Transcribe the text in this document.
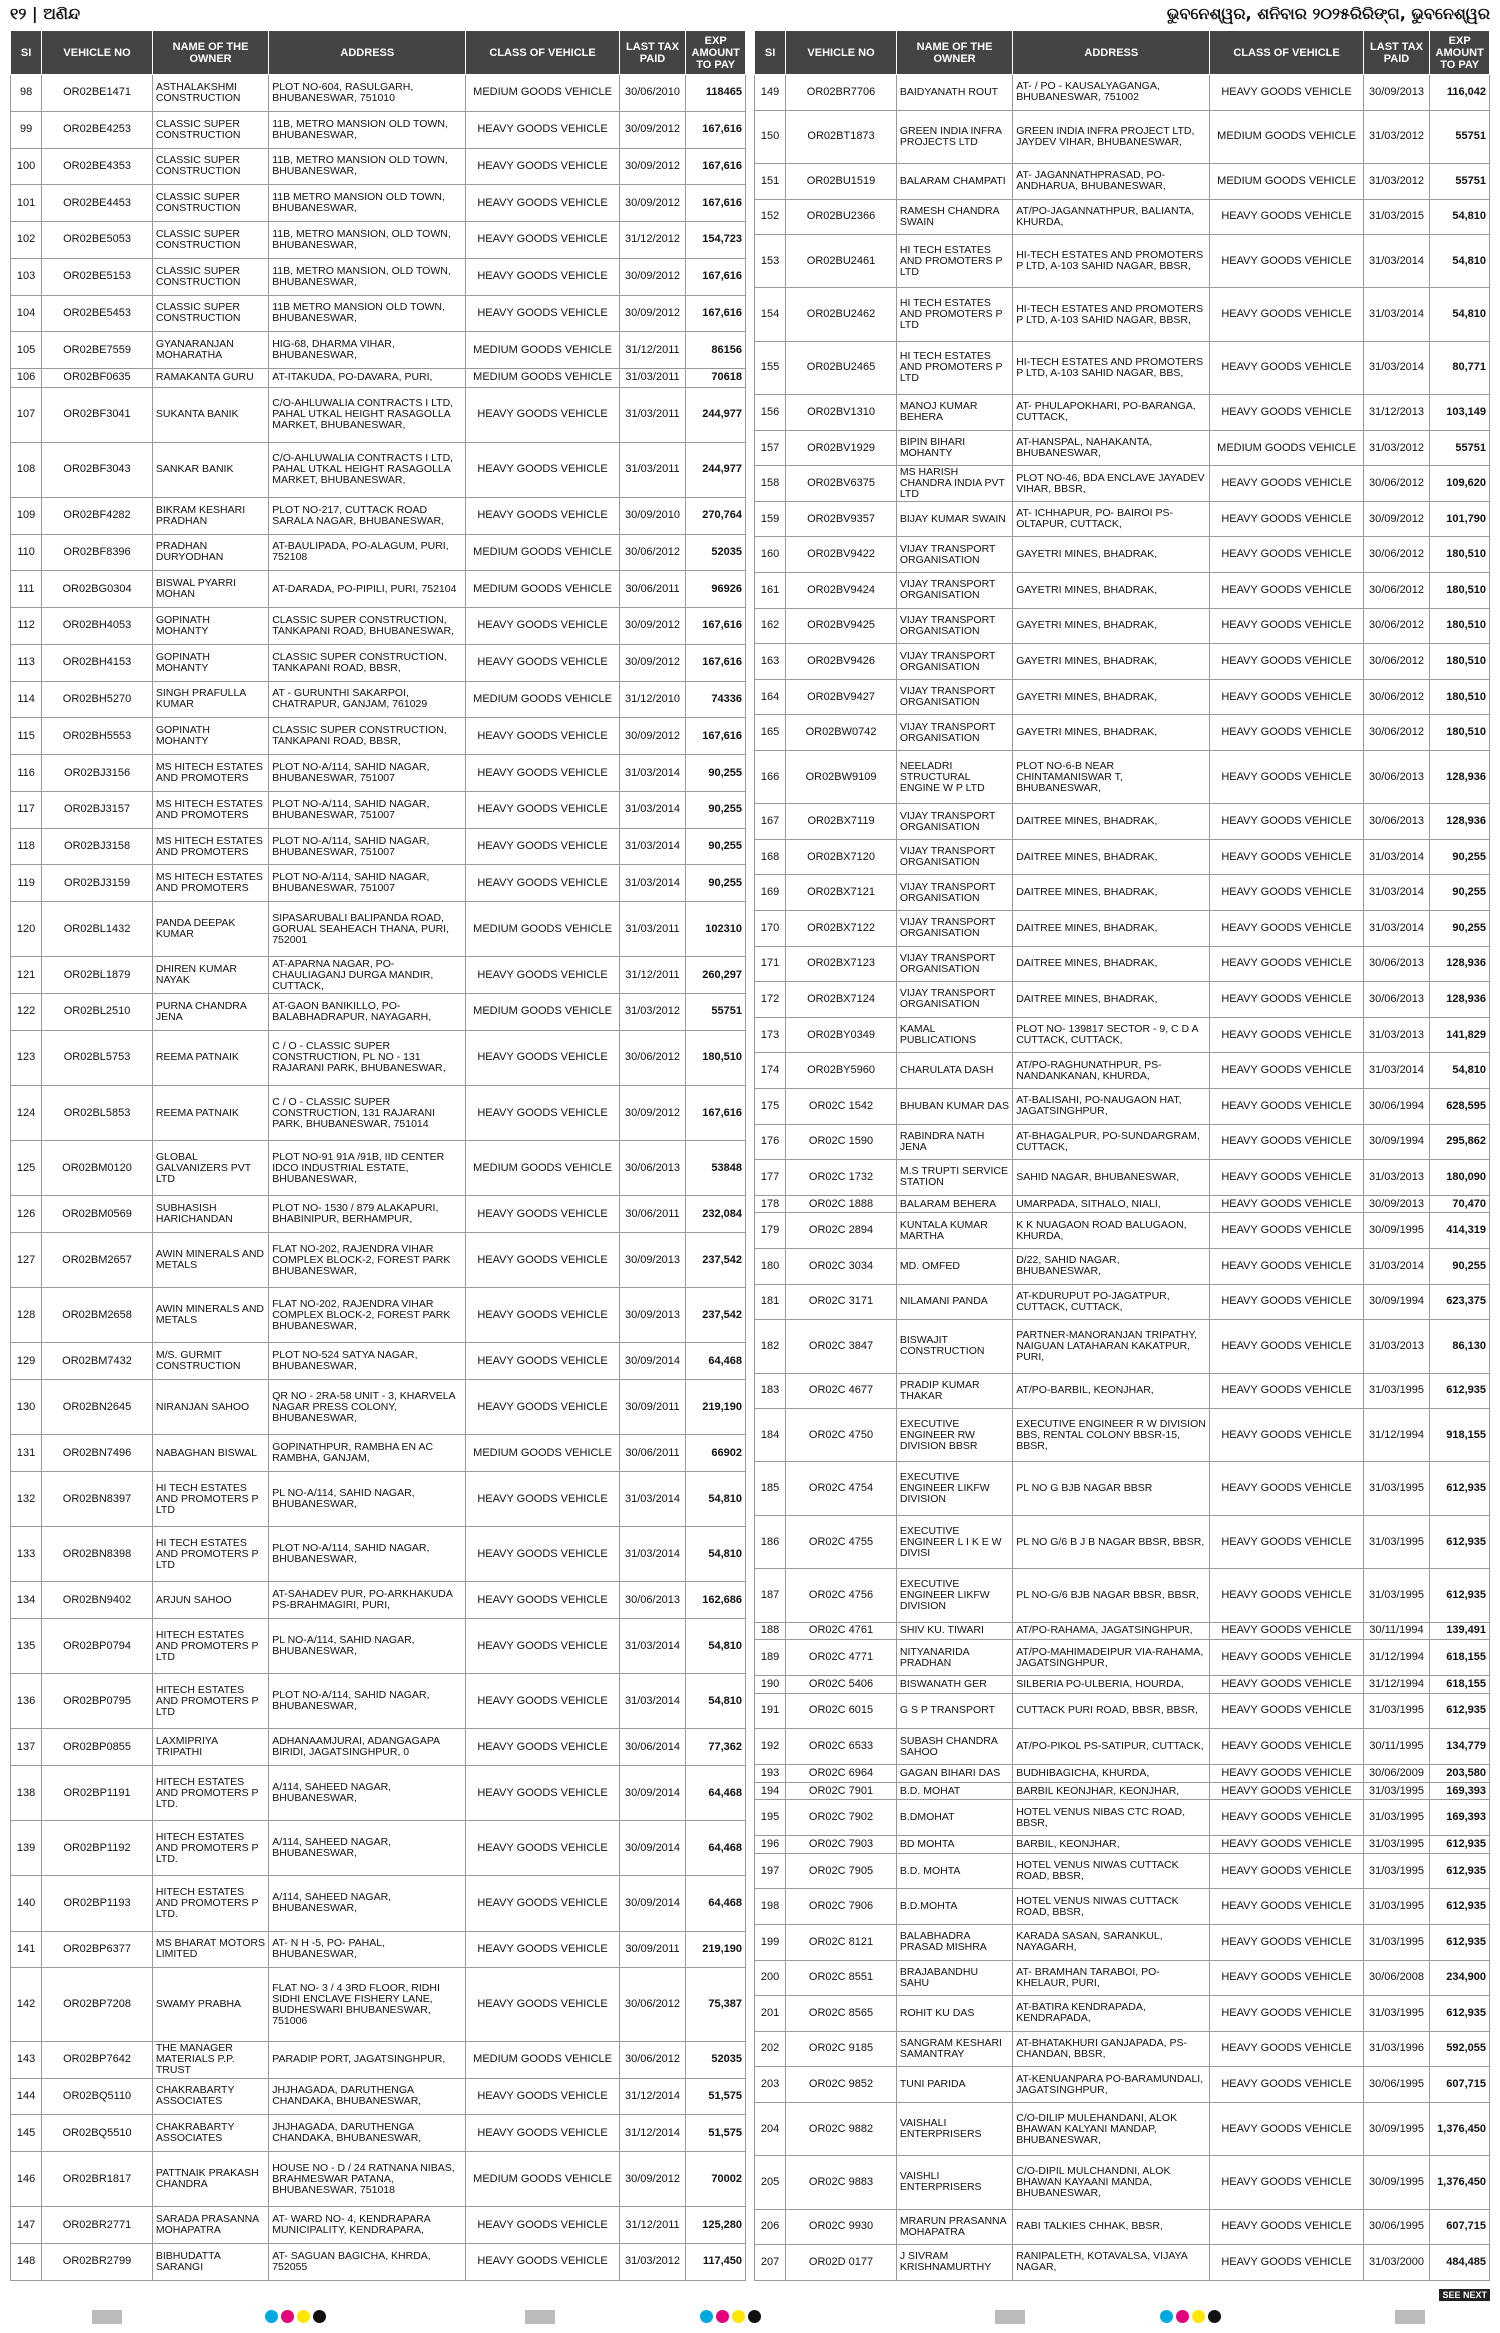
୧୨ | ଅଣିନ୍ଦ	ଭୁବନେଶ୍ୱର, ଶନିବାର ୨୦୨୫ରିରିଙ୍ଗ, ଭୁବନେଶ୍ୱର
SI	VEHICLE NO	NAME OF THE OWNER	ADDRESS	CLASS OF VEHICLE	LAST TAX PAID	EXP AMOUNT TO PAY
98	OR02BE1471	ASTHALAKSHMI CONSTRUCTION	PLOT NO-604, RASULGARH, BHUBANESWAR, 751010	MEDIUM GOODS VEHICLE	30/06/2010	118465
99	OR02BE4253	CLASSIC SUPER CONSTRUCTION	11B, METRO MANSION OLD TOWN, BHUBANESWAR,	HEAVY GOODS VEHICLE	30/09/2012	167,616
100	OR02BE4353	CLASSIC SUPER CONSTRUCTION	11B, METRO MANSION OLD TOWN, BHUBANESWAR,	HEAVY GOODS VEHICLE	30/09/2012	167,616
101	OR02BE4453	CLASSIC SUPER CONSTRUCTION	11B METRO MANSION OLD TOWN, BHUBANESWAR,	HEAVY GOODS VEHICLE	30/09/2012	167,616
102	OR02BE5053	CLASSIC SUPER CONSTRUCTION	11B, METRO MANSION, OLD TOWN, BHUBANESWAR,	HEAVY GOODS VEHICLE	31/12/2012	154,723
103	OR02BE5153	CLASSIC SUPER CONSTRUCTION	11B, METRO MANSION, OLD TOWN, BHUBANESWAR,	HEAVY GOODS VEHICLE	30/09/2012	167,616
104	OR02BE5453	CLASSIC SUPER CONSTRUCTION	11B METRO MANSION OLD TOWN, BHUBANESWAR,	HEAVY GOODS VEHICLE	30/09/2012	167,616
105	OR02BE7559	GYANARANJAN MOHARATHA	HIG-68, DHARMA VIHAR, BHUBANESWAR,	MEDIUM GOODS VEHICLE	31/12/2011	86156
106	OR02BF0635	RAMAKANTA GURU	AT-ITAKUDA, PO-DAVARA, PURI,	MEDIUM GOODS VEHICLE	31/03/2011	70618
107	OR02BF3041	SUKANTA BANIK	C/O-AHLUWALIA CONTRACTS I LTD, PAHAL UTKAL HEIGHT RASAGOLLA MARKET, BHUBANESWAR,	HEAVY GOODS VEHICLE	31/03/2011	244,977
108	OR02BF3043	SANKAR BANIK	C/O-AHLUWALIA CONTRACTS I LTD, PAHAL UTKAL HEIGHT RASAGOLLA MARKET, BHUBANESWAR,	HEAVY GOODS VEHICLE	31/03/2011	244,977
109	OR02BF4282	BIKRAM KESHARI PRADHAN	PLOT NO-217, CUTTACK ROAD SARALA NAGAR, BHUBANESWAR,	HEAVY GOODS VEHICLE	30/09/2010	270,764
110	OR02BF8396	PRADHAN DURYODHAN	AT-BAULIPADA, PO-ALAGUM, PURI, 752108	MEDIUM GOODS VEHICLE	30/06/2012	52035
111	OR02BG0304	BISWAL PYARRI MOHAN	AT-DARADA, PO-PIPILI, PURI, 752104	MEDIUM GOODS VEHICLE	30/06/2011	96926
112	OR02BH4053	GOPINATH MOHANTY	CLASSIC SUPER CONSTRUCTION, TANKAPANI ROAD, BHUBANESWAR,	HEAVY GOODS VEHICLE	30/09/2012	167,616
113	OR02BH4153	GOPINATH MOHANTY	CLASSIC SUPER CONSTRUCTION, TANKAPANI ROAD, BBSR,	HEAVY GOODS VEHICLE	30/09/2012	167,616
114	OR02BH5270	SINGH PRAFULLA KUMAR	AT - GURUNTHI SAKARPOI, CHATRAPUR, GANJAM, 761029	MEDIUM GOODS VEHICLE	31/12/2010	74336
115	OR02BH5553	GOPINATH MOHANTY	CLASSIC SUPER CONSTRUCTION, TANKAPANI ROAD, BBSR,	HEAVY GOODS VEHICLE	30/09/2012	167,616
116	OR02BJ3156	MS HITECH ESTATES AND PROMOTERS	PLOT NO-A/114, SAHID NAGAR, BHUBANESWAR, 751007	HEAVY GOODS VEHICLE	31/03/2014	90,255
117	OR02BJ3157	MS HITECH ESTATES AND PROMOTERS	PLOT NO-A/114, SAHID NAGAR, BHUBANESWAR, 751007	HEAVY GOODS VEHICLE	31/03/2014	90,255
118	OR02BJ3158	MS HITECH ESTATES AND PROMOTERS	PLOT NO-A/114, SAHID NAGAR, BHUBANESWAR, 751007	HEAVY GOODS VEHICLE	31/03/2014	90,255
119	OR02BJ3159	MS HITECH ESTATES AND PROMOTERS	PLOT NO-A/114, SAHID NAGAR, BHUBANESWAR, 751007	HEAVY GOODS VEHICLE	31/03/2014	90,255
120	OR02BL1432	PANDA DEEPAK KUMAR	SIPASARUBALI BALIPANDA ROAD, GORUAL SEAHEACH THANA, PURI, 752001	MEDIUM GOODS VEHICLE	31/03/2011	102310
121	OR02BL1879	DHIREN KUMAR NAYAK	AT-APARNA NAGAR, PO-CHAULIAGANJ DURGA MANDIR, CUTTACK,	HEAVY GOODS VEHICLE	31/12/2011	260,297
122	OR02BL2510	PURNA CHANDRA JENA	AT-GAON BANIKILLO, PO-BALABHADRAPUR, NAYAGARH,	MEDIUM GOODS VEHICLE	31/03/2012	55751
123	OR02BL5753	REEMA PATNAIK	C / O - CLASSIC SUPER CONSTRUCTION, PL NO - 131 RAJARANI PARK, BHUBANESWAR,	HEAVY GOODS VEHICLE	30/06/2012	180,510
124	OR02BL5853	REEMA PATNAIK	C / O - CLASSIC SUPER CONSTRUCTION, 131 RAJARANI PARK, BHUBANESWAR, 751014	HEAVY GOODS VEHICLE	30/09/2012	167,616
125	OR02BM0120	GLOBAL GALVANIZERS PVT LTD	PLOT NO-91 91A /91B, IID CENTER IDCO INDUSTRIAL ESTATE, BHUBANESWAR,	MEDIUM GOODS VEHICLE	30/06/2013	53848
126	OR02BM0569	SUBHASISH HARICHANDAN	PLOT NO- 1530 / 879 ALAKAPURI, BHABINIPUR, BERHAMPUR,	HEAVY GOODS VEHICLE	30/06/2011	232,084
127	OR02BM2657	AWIN MINERALS AND METALS	FLAT NO-202, RAJENDRA VIHAR COMPLEX BLOCK-2, FOREST PARK BHUBANESWAR,	HEAVY GOODS VEHICLE	30/09/2013	237,542
128	OR02BM2658	AWIN MINERALS AND METALS	FLAT NO-202, RAJENDRA VIHAR COMPLEX BLOCK-2, FOREST PARK BHUBANESWAR,	HEAVY GOODS VEHICLE	30/09/2013	237,542
129	OR02BM7432	M/S. GURMIT CONSTRUCTION	PLOT NO-524 SATYA NAGAR, BHUBANESWAR,	HEAVY GOODS VEHICLE	30/09/2014	64,468
130	OR02BN2645	NIRANJAN SAHOO	QR NO - 2RA-58 UNIT - 3, KHARVELA NAGAR PRESS COLONY, BHUBANESWAR,	HEAVY GOODS VEHICLE	30/09/2011	219,190
131	OR02BN7496	NABAGHAN BISWAL	GOPINATHPUR, RAMBHA EN AC RAMBHA, GANJAM,	MEDIUM GOODS VEHICLE	30/06/2011	66902
132	OR02BN8397	HI TECH ESTATES AND PROMOTERS P LTD	PL NO-A/114, SAHID NAGAR, BHUBANESWAR,	HEAVY GOODS VEHICLE	31/03/2014	54,810
133	OR02BN8398	HI TECH ESTATES AND PROMOTERS P LTD	PLOT NO-A/114, SAHID NAGAR, BHUBANESWAR,	HEAVY GOODS VEHICLE	31/03/2014	54,810
134	OR02BN9402	ARJUN SAHOO	AT-SAHADEV PUR, PO-ARKHAKUDA PS-BRAHMAGIRI, PURI,	HEAVY GOODS VEHICLE	30/06/2013	162,686
135	OR02BP0794	HITECH ESTATES AND PROMOTERS P LTD	PL NO-A/114, SAHID NAGAR, BHUBANESWAR,	HEAVY GOODS VEHICLE	31/03/2014	54,810
136	OR02BP0795	HITECH ESTATES AND PROMOTERS P LTD	PLOT NO-A/114, SAHID NAGAR, BHUBANESWAR,	HEAVY GOODS VEHICLE	31/03/2014	54,810
137	OR02BP0855	LAXMIPRIYA TRIPATHI	ADHANAAMJURAI, ADANGAGAPA BIRIDI, JAGATSINGHPUR, 0	HEAVY GOODS VEHICLE	30/06/2014	77,362
138	OR02BP1191	HITECH ESTATES AND PROMOTERS P LTD.	A/114, SAHEED NAGAR, BHUBANESWAR,	HEAVY GOODS VEHICLE	30/09/2014	64,468
139	OR02BP1192	HITECH ESTATES AND PROMOTERS P LTD.	A/114, SAHEED NAGAR, BHUBANESWAR,	HEAVY GOODS VEHICLE	30/09/2014	64,468
140	OR02BP1193	HITECH ESTATES AND PROMOTERS P LTD.	A/114, SAHEED NAGAR, BHUBANESWAR,	HEAVY GOODS VEHICLE	30/09/2014	64,468
141	OR02BP6377	MS BHARAT MOTORS LIMITED	AT- N H -5, PO- PAHAL, BHUBANESWAR,	HEAVY GOODS VEHICLE	30/09/2011	219,190
142	OR02BP7208	SWAMY PRABHA	FLAT NO- 3 / 4 3RD FLOOR, RIDHI SIDHI ENCLAVE FISHERY LANE, BUDHESWARI BHUBANESWAR, 751006	HEAVY GOODS VEHICLE	30/06/2012	75,387
143	OR02BP7642	THE MANAGER MATERIALS P.P. TRUST	PARADIP PORT, JAGATSINGHPUR,	MEDIUM GOODS VEHICLE	30/06/2012	52035
144	OR02BQ5110	CHAKRABARTY ASSOCIATES	JHJHAGADA, DARUTHENGA CHANDAKA, BHUBANESWAR,	HEAVY GOODS VEHICLE	31/12/2014	51,575
145	OR02BQ5510	CHAKRABARTY ASSOCIATES	JHJHAGADA, DARUTHENGA CHANDAKA, BHUBANESWAR,	HEAVY GOODS VEHICLE	31/12/2014	51,575
146	OR02BR1817	PATTNAIK PRAKASH CHANDRA	HOUSE NO - D / 24 RATNANA NIBAS, BRAHMESWAR PATANA, BHUBANESWAR, 751018	MEDIUM GOODS VEHICLE	30/09/2012	70002
147	OR02BR2771	SARADA PRASANNA MOHAPATRA	AT- WARD NO- 4, KENDRAPARA MUNICIPALITY, KENDRAPARA,	HEAVY GOODS VEHICLE	31/12/2011	125,280
148	OR02BR2799	BIBHUDATTA SARANGI	AT- SAGUAN BAGICHA, KHRDA, 752055	HEAVY GOODS VEHICLE	31/03/2012	117,450
SI	VEHICLE NO	NAME OF THE OWNER	ADDRESS	CLASS OF VEHICLE	LAST TAX PAID	EXP AMOUNT TO PAY
149	OR02BR7706	BAIDYANATH ROUT	AT- / PO - KAUSALYAGANGA, BHUBANESWAR, 751002	HEAVY GOODS VEHICLE	30/09/2013	116,042
150	OR02BT1873	GREEN INDIA INFRA PROJECTS LTD	GREEN INDIA INFRA PROJECT LTD, JAYDEV VIHAR, BHUBANESWAR,	MEDIUM GOODS VEHICLE	31/03/2012	55751
151	OR02BU1519	BALARAM CHAMPATI	AT- JAGANNATHPRASAD, PO-ANDHARUA, BHUBANESWAR,	MEDIUM GOODS VEHICLE	31/03/2012	55751
152	OR02BU2366	RAMESH CHANDRA SWAIN	AT/PO-JAGANNATHPUR, BALIANTA, KHURDA,	HEAVY GOODS VEHICLE	31/03/2015	54,810
153	OR02BU2461	HI TECH ESTATES AND PROMOTERS P LTD	HI-TECH ESTATES AND PROMOTERS P LTD, A-103 SAHID NAGAR, BBSR,	HEAVY GOODS VEHICLE	31/03/2014	54,810
154	OR02BU2462	HI TECH ESTATES AND PROMOTERS P LTD	HI-TECH ESTATES AND PROMOTERS P LTD, A-103 SAHID NAGAR, BBSR,	HEAVY GOODS VEHICLE	31/03/2014	54,810
155	OR02BU2465	HI TECH ESTATES AND PROMOTERS P LTD	HI-TECH ESTATES AND PROMOTERS P LTD, A-103 SAHID NAGAR, BBS,	HEAVY GOODS VEHICLE	31/03/2014	80,771
156	OR02BV1310	MANOJ KUMAR BEHERA	AT- PHULAPOKHARI, PO-BARANGA, CUTTACK,	HEAVY GOODS VEHICLE	31/12/2013	103,149
157	OR02BV1929	BIPIN BIHARI MOHANTY	AT-HANSPAL, NAHAKANTA, BHUBANESWAR,	MEDIUM GOODS VEHICLE	31/03/2012	55751
158	OR02BV6375	MS HARISH CHANDRA INDIA PVT LTD	PLOT NO-46, BDA ENCLAVE JAYADEV VIHAR, BBSR,	HEAVY GOODS VEHICLE	30/06/2012	109,620
159	OR02BV9357	BIJAY KUMAR SWAIN	AT- ICHHAPUR, PO- BAIROI PS-OLTAPUR, CUTTACK,	HEAVY GOODS VEHICLE	30/09/2012	101,790
160	OR02BV9422	VIJAY TRANSPORT ORGANISATION	GAYETRI MINES, BHADRAK,	HEAVY GOODS VEHICLE	30/06/2012	180,510
161	OR02BV9424	VIJAY TRANSPORT ORGANISATION	GAYETRI MINES, BHADRAK,	HEAVY GOODS VEHICLE	30/06/2012	180,510
162	OR02BV9425	VIJAY TRANSPORT ORGANISATION	GAYETRI MINES, BHADRAK,	HEAVY GOODS VEHICLE	30/06/2012	180,510
163	OR02BV9426	VIJAY TRANSPORT ORGANISATION	GAYETRI MINES, BHADRAK,	HEAVY GOODS VEHICLE	30/06/2012	180,510
164	OR02BV9427	VIJAY TRANSPORT ORGANISATION	GAYETRI MINES, BHADRAK,	HEAVY GOODS VEHICLE	30/06/2012	180,510
165	OR02BW0742	VIJAY TRANSPORT ORGANISATION	GAYETRI MINES, BHADRAK,	HEAVY GOODS VEHICLE	30/06/2012	180,510
166	OR02BW9109	NEELADRI STRUCTURAL ENGINE W P LTD	PLOT NO-6-B NEAR CHINTAMANISWAR T, BHUBANESWAR,	HEAVY GOODS VEHICLE	30/06/2013	128,936
167	OR02BX7119	VIJAY TRANSPORT ORGANISATION	DAITREE MINES, BHADRAK,	HEAVY GOODS VEHICLE	30/06/2013	128,936
168	OR02BX7120	VIJAY TRANSPORT ORGANISATION	DAITREE MINES, BHADRAK,	HEAVY GOODS VEHICLE	31/03/2014	90,255
169	OR02BX7121	VIJAY TRANSPORT ORGANISATION	DAITREE MINES, BHADRAK,	HEAVY GOODS VEHICLE	31/03/2014	90,255
170	OR02BX7122	VIJAY TRANSPORT ORGANISATION	DAITREE MINES, BHADRAK,	HEAVY GOODS VEHICLE	31/03/2014	90,255
171	OR02BX7123	VIJAY TRANSPORT ORGANISATION	DAITREE MINES, BHADRAK,	HEAVY GOODS VEHICLE	30/06/2013	128,936
172	OR02BX7124	VIJAY TRANSPORT ORGANISATION	DAITREE MINES, BHADRAK,	HEAVY GOODS VEHICLE	30/06/2013	128,936
173	OR02BY0349	KAMAL PUBLICATIONS	PLOT NO- 139817 SECTOR - 9, C D A CUTTACK, CUTTACK,	HEAVY GOODS VEHICLE	31/03/2013	141,829
174	OR02BY5960	CHARULATA DASH	AT/PO-RAGHUNATHPUR, PS-NANDANKANAN, KHURDA,	HEAVY GOODS VEHICLE	31/03/2014	54,810
175	OR02C 1542	BHUBAN KUMAR DAS	AT-BALISAHI, PO-NAUGAON HAT, JAGATSINGHPUR,	HEAVY GOODS VEHICLE	30/06/1994	628,595
176	OR02C 1590	RABINDRA NATH JENA	AT-BHAGALPUR, PO-SUNDARGRAM, CUTTACK,	HEAVY GOODS VEHICLE	30/09/1994	295,862
177	OR02C 1732	M.S TRUPTI SERVICE STATION	SAHID NAGAR, BHUBANESWAR,	HEAVY GOODS VEHICLE	31/03/2013	180,090
178	OR02C 1888	BALARAM BEHERA	UMARPADA, SITHALO, NIALI,	HEAVY GOODS VEHICLE	30/09/2013	70,470
179	OR02C 2894	KUNTALA KUMAR MARTHA	K K NUAGAON ROAD BALUGAON, KHURDA,	HEAVY GOODS VEHICLE	30/09/1995	414,319
180	OR02C 3034	MD. OMFED	D/22, SAHID NAGAR, BHUBANESWAR,	HEAVY GOODS VEHICLE	31/03/2014	90,255
181	OR02C 3171	NILAMANI PANDA	AT-KDURUPUT PO-JAGATPUR, CUTTACK, CUTTACK,	HEAVY GOODS VEHICLE	30/09/1994	623,375
182	OR02C 3847	BISWAJIT CONSTRUCTION	PARTNER-MANORANJAN TRIPATHY, NAIGUAN LATAHARAN KAKATPUR, PURI,	HEAVY GOODS VEHICLE	31/03/2013	86,130
183	OR02C 4677	PRADIP KUMAR THAKAR	AT/PO-BARBIL, KEONJHAR,	HEAVY GOODS VEHICLE	31/03/1995	612,935
184	OR02C 4750	EXECUTIVE ENGINEER RW DIVISION BBSR	EXECUTIVE ENGINEER R W DIVISION BBS, RENTAL COLONY BBSR-15, BBSR,	HEAVY GOODS VEHICLE	31/12/1994	918,155
185	OR02C 4754	EXECUTIVE ENGINEER LIKFW DIVISION	PL NO G BJB NAGAR BBSR	HEAVY GOODS VEHICLE	31/03/1995	612,935
186	OR02C 4755	EXECUTIVE ENGINEER L I K E W DIVISI	PL NO G/6 B J B NAGAR BBSR, BBSR,	HEAVY GOODS VEHICLE	31/03/1995	612,935
187	OR02C 4756	EXECUTIVE ENGINEER LIKFW DIVISION	PL NO-G/6 BJB NAGAR BBSR, BBSR,	HEAVY GOODS VEHICLE	31/03/1995	612,935
188	OR02C 4761	SHIV KU. TIWARI	AT/PO-RAHAMA, JAGATSINGHPUR,	HEAVY GOODS VEHICLE	30/11/1994	139,491
189	OR02C 4771	NITYANARIDA PRADHAN	AT/PO-MAHIMADEIPUR VIA-RAHAMA, JAGATSINGHPUR,	HEAVY GOODS VEHICLE	31/12/1994	618,155
190	OR02C 5406	BISWANATH GER	SILBERIA PO-ULBERIA, HOURDA,	HEAVY GOODS VEHICLE	31/12/1994	618,155
191	OR02C 6015	G S P TRANSPORT	CUTTACK PURI ROAD, BBSR, BBSR,	HEAVY GOODS VEHICLE	31/03/1995	612,935
192	OR02C 6533	SUBASH CHANDRA SAHOO	AT/PO-PIKOL PS-SATIPUR, CUTTACK,	HEAVY GOODS VEHICLE	30/11/1995	134,779
193	OR02C 6964	GAGAN BIHARI DAS	BUDHIBAGICHA, KHURDA,	HEAVY GOODS VEHICLE	30/06/2009	203,580
194	OR02C 7901	B.D. MOHAT	BARBIL KEONJHAR, KEONJHAR,	HEAVY GOODS VEHICLE	31/03/1995	169,393
195	OR02C 7902	B.DMOHAT	HOTEL VENUS NIBAS CTC ROAD, BBSR,	HEAVY GOODS VEHICLE	31/03/1995	169,393
196	OR02C 7903	BD MOHTA	BARBIL, KEONJHAR,	HEAVY GOODS VEHICLE	31/03/1995	612,935
197	OR02C 7905	B.D. MOHTA	HOTEL VENUS NIWAS CUTTACK ROAD, BBSR,	HEAVY GOODS VEHICLE	31/03/1995	612,935
198	OR02C 7906	B.D.MOHTA	HOTEL VENUS NIWAS CUTTACK ROAD, BBSR,	HEAVY GOODS VEHICLE	31/03/1995	612,935
199	OR02C 8121	BALABHADRA PRASAD MISHRA	KARADA SASAN, SARANKUL, NAYAGARH,	HEAVY GOODS VEHICLE	31/03/1995	612,935
200	OR02C 8551	BRAJABANDHU SAHU	AT- BRAMHAN TARABOI, PO-KHELAUR, PURI,	HEAVY GOODS VEHICLE	30/06/2008	234,900
201	OR02C 8565	ROHIT KU DAS	AT-BATIRA KENDRAPADA, KENDRAPADA,	HEAVY GOODS VEHICLE	31/03/1995	612,935
202	OR02C 9185	SANGRAM KESHARI SAMANTRAY	AT-BHATAKHURI GANJAPADA, PS-CHANDAN, BBSR,	HEAVY GOODS VEHICLE	31/03/1996	592,055
203	OR02C 9852	TUNI PARIDA	AT-KENUANPARA PO-BARAMUNDALI, JAGATSINGHPUR,	HEAVY GOODS VEHICLE	30/06/1995	607,715
204	OR02C 9882	VAISHALI ENTERPRISERS	C/O-DILIP MULEHANDANI, ALOK BHAWAN KALYANI MANDAP, BHUBANESWAR,	HEAVY GOODS VEHICLE	30/09/1995	1,376,450
205	OR02C 9883	VAISHLI ENTERPRISERS	C/O-DIPIL MULCHANDNI, ALOK BHAWAN KAYAANI MANDA, BHUBANESWAR,	HEAVY GOODS VEHICLE	30/09/1995	1,376,450
206	OR02C 9930	MRARUN PRASANNA MOHAPATRA	RABI TALKIES CHHAK, BBSR,	HEAVY GOODS VEHICLE	30/06/1995	607,715
207	OR02D 0177	J SIVRAM KRISHNAMURTHY	RANIPALETH, KOTAVALSA, VIJAYA NAGAR,	HEAVY GOODS VEHICLE	31/03/2000	484,485
SEE NEXT
